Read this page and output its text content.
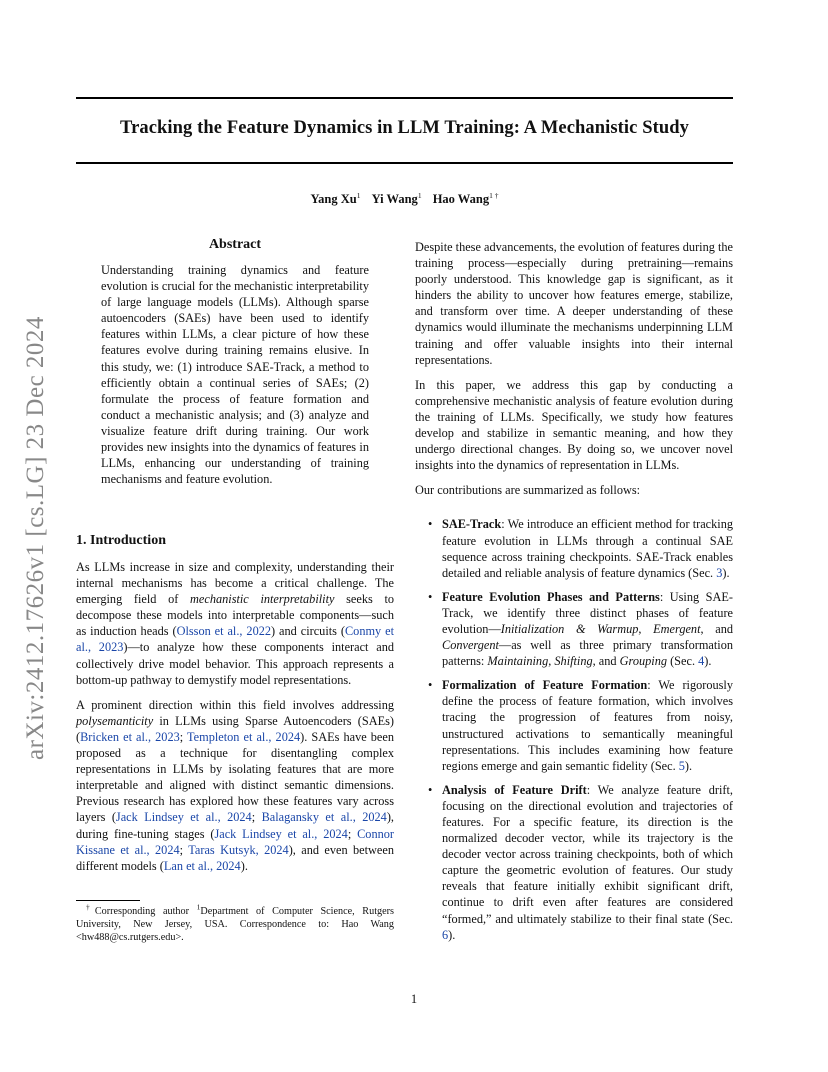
arXiv:2412.17626v1 [cs.LG] 23 Dec 2024
Tracking the Feature Dynamics in LLM Training: A Mechanistic Study
Yang Xu$^1$ Yi Wang$^1$ Hao Wang$^{1 \dagger}$
Abstract
Understanding training dynamics and feature evolution is crucial for the mechanistic interpretability of large language models (LLMs). Although sparse autoencoders (SAEs) have been used to identify features within LLMs, a clear picture of how these features evolve during training remains elusive. In this study, we: (1) introduce SAE-Track, a method to efficiently obtain a continual series of SAEs; (2) formulate the process of feature formation and conduct a mechanistic analysis; and (3) analyze and visualize feature drift during training. Our work provides new insights into the dynamics of features in LLMs, enhancing our understanding of training mechanisms and feature evolution.
1. Introduction

As LLMs increase in size and complexity, understanding their internal mechanisms has become a critical challenge. The emerging field of mechanistic interpretability seeks to decompose these models into interpretable components—such as induction heads (Olsson et al., 2022) and circuits (Conmy et al., 2023)—to analyze how these components interact and collectively drive model behavior. This approach represents a bottom-up pathway to demystify model representations.

A prominent direction within this field involves addressing polysemanticity in LLMs using Sparse Autoencoders (SAEs) (Bricken et al., 2023; Templeton et al., 2024). SAEs have been proposed as a technique for disentangling complex representations in LLMs by isolating features that are more interpretable and aligned with distinct semantic dimensions. Previous research has explored how these features vary across layers (Jack Lindsey et al., 2024; Balagansky et al., 2024), during fine-tuning stages (Jack Lindsey et al., 2024; Connor Kissane et al., 2024; Taras Kutsyk, 2024), and even between different models (Lan et al., 2024).

†Corresponding author $^1$Department of Computer Science, Rutgers University, New Jersey, USA. Correspondence to: Hao Wang <hw488@cs.rutgers.edu>.

Despite these advancements, the evolution of features during the training process—especially during pretraining—remains poorly understood. This knowledge gap is significant, as it hinders the ability to uncover how features emerge, stabilize, and transform over time. A deeper understanding of these dynamics would illuminate the mechanisms underpinning LLM training and offer valuable insights into their internal representations.

In this paper, we address this gap by conducting a comprehensive mechanistic analysis of feature evolution during the training of LLMs. Specifically, we study how features develop and stabilize in semantic meaning, and how they undergo directional changes. By doing so, we uncover novel insights into the dynamics of representation in LLMs.

Our contributions are summarized as follows:

• SAE-Track: We introduce an efficient method for tracking feature evolution in LLMs through a continual SAE sequence across training checkpoints. SAE-Track enables detailed and reliable analysis of feature dynamics (Sec. 3).
• Feature Evolution Phases and Patterns: Using SAE-Track, we identify three distinct phases of feature evolution—Initialization & Warmup, Emergent, and Convergent—as well as three primary transformation patterns: Maintaining, Shifting, and Grouping (Sec. 4).
• Formalization of Feature Formation: We rigorously define the process of feature formation, which involves tracing the progression of features from noisy, unstructured activations to semantically meaningful representations. This includes examining how feature regions emerge and gain semantic fidelity (Sec. 5).
• Analysis of Feature Drift: We analyze feature drift, focusing on the directional evolution and trajectories of features. For a specific feature, its direction is the normalized decoder vector, while its trajectory is the decoder vector across training checkpoints, both of which capture the geometric evolution of features. Our study reveals that feature initially exhibit significant drift, continue to drift even after features are considered “formed,” and ultimately stabilize to their final state (Sec. 6).
1
